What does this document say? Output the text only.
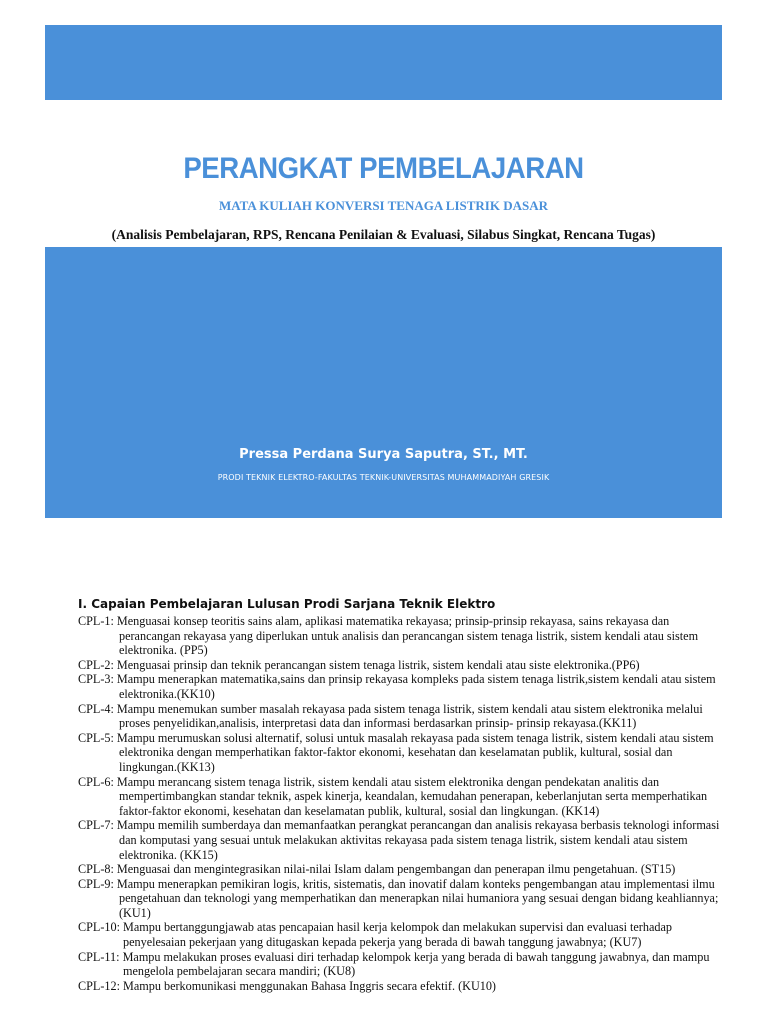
PERANGKAT PEMBELAJARAN
MATA KULIAH KONVERSI TENAGA LISTRIK DASAR
(Analisis Pembelajaran, RPS, Rencana Penilaian & Evaluasi, Silabus Singkat, Rencana Tugas)
Pressa Perdana Surya Saputra, ST., MT.
PRODI TEKNIK ELEKTRO-FAKULTAS TEKNIK-UNIVERSITAS MUHAMMADIYAH GRESIK
I. Capaian Pembelajaran Lulusan Prodi Sarjana Teknik Elektro
CPL-1: Menguasai konsep teoritis sains alam, aplikasi matematika rekayasa; prinsip-prinsip rekayasa, sains rekayasa dan perancangan rekayasa yang diperlukan untuk analisis dan perancangan sistem tenaga listrik, sistem kendali atau sistem elektronika. (PP5)
CPL-2: Menguasai prinsip dan teknik perancangan sistem tenaga listrik, sistem kendali atau siste elektronika.(PP6)
CPL-3: Mampu menerapkan matematika,sains dan prinsip rekayasa kompleks pada sistem tenaga listrik,sistem kendali atau sistem elektronika.(KK10)
CPL-4: Mampu menemukan sumber masalah rekayasa pada sistem tenaga listrik, sistem kendali atau sistem elektronika melalui proses penyelidikan,analisis, interpretasi data dan informasi berdasarkan prinsip- prinsip rekayasa.(KK11)
CPL-5: Mampu merumuskan solusi alternatif, solusi untuk masalah rekayasa pada sistem tenaga listrik, sistem kendali atau sistem elektronika dengan memperhatikan faktor-faktor ekonomi, kesehatan dan keselamatan publik, kultural, sosial dan lingkungan.(KK13)
CPL-6: Mampu merancang sistem tenaga listrik, sistem kendali atau sistem elektronika dengan pendekatan analitis dan mempertimbangkan standar teknik, aspek kinerja, keandalan, kemudahan penerapan, keberlanjutan serta memperhatikan faktor-faktor ekonomi, kesehatan dan keselamatan publik, kultural, sosial dan lingkungan. (KK14)
CPL-7: Mampu memilih sumberdaya dan memanfaatkan perangkat perancangan dan analisis rekayasa berbasis teknologi informasi dan komputasi yang sesuai untuk melakukan aktivitas rekayasa pada sistem tenaga listrik, sistem kendali atau sistem elektronika. (KK15)
CPL-8: Menguasai dan mengintegrasikan nilai-nilai Islam dalam pengembangan dan penerapan ilmu pengetahuan. (ST15)
CPL-9: Mampu menerapkan pemikiran logis, kritis, sistematis, dan inovatif dalam konteks pengembangan atau implementasi ilmu pengetahuan dan teknologi yang memperhatikan dan menerapkan nilai humaniora yang sesuai dengan bidang keahliannya; (KU1)
CPL-10: Mampu bertanggungjawab atas pencapaian hasil kerja kelompok dan melakukan supervisi dan evaluasi terhadap penyelesaian pekerjaan yang ditugaskan kepada pekerja yang berada di bawah tanggung jawabnya; (KU7)
CPL-11: Mampu melakukan proses evaluasi diri terhadap kelompok kerja yang berada di bawah tanggung jawabnya, dan mampu mengelola pembelajaran secara mandiri; (KU8)
CPL-12: Mampu berkomunikasi menggunakan Bahasa Inggris secara efektif. (KU10)
